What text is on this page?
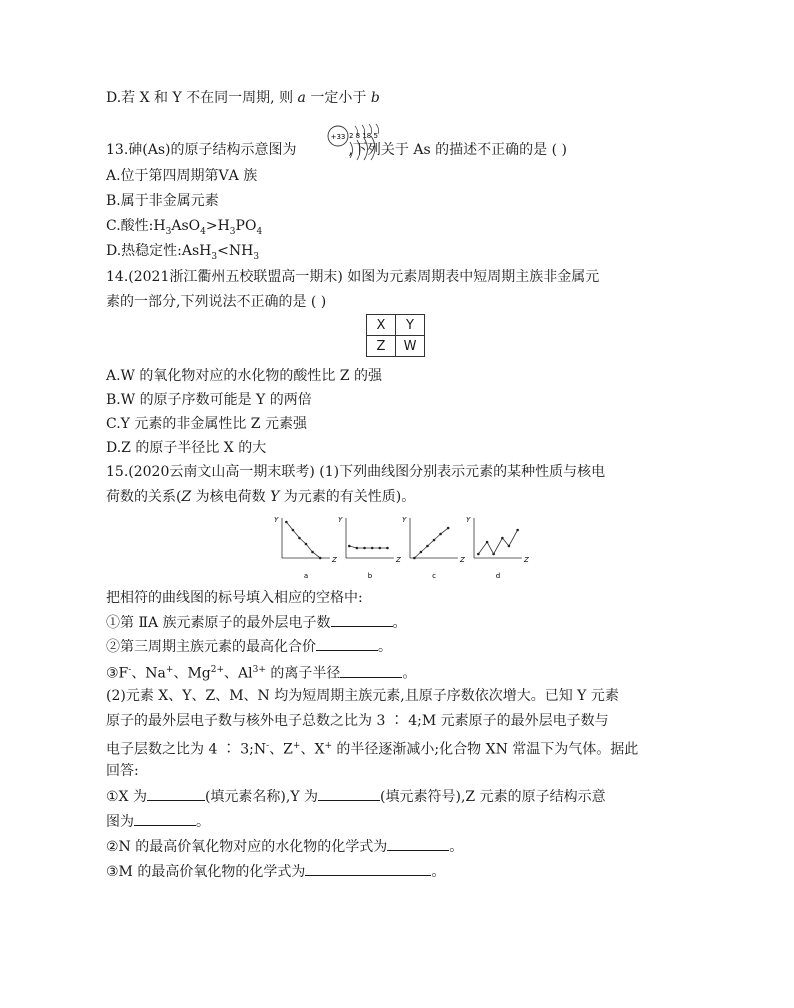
D.若 X 和 Y 不在同一周期, 则 a 一定小于 b
13.砷(As)的原子结构示意图为	,下列关于 As 的描述不正确的是 ( )
+33 2 8 18 5
A.位于第四周期第ⅤA 族
B.属于非金属元素
C.酸性$:H_3AsO_4>H_3PO_4$
D.热稳定性$:AsH_3<NH_3$
14.(2021浙江衢州五校联盟高一期末) 如图为元素周期表中短周期主族非金属元
素的一部分,下列说法不正确的是 ( )
X	Y
Z	W
A.W 的氧化物对应的水化物的酸性比 Z 的强
B.W 的原子序数可能是 Y 的两倍
C.Y 元素的非金属性比 Z 元素强
D.Z 的原子半径比 X 的大
15.(2020云南文山高一期末联考) (1)下列曲线图分别表示元素的某种性质与核电
荷数的关系(Z 为核电荷数 Y 为元素的有关性质)。
Y
Z
a
Y
Z
b
Y
Z
c
Y
Z
d
把相符的曲线图的标号填入相应的空格中:
①第 ⅡA 族元素原子的最外层电子数	。
②第三周期主族元素的最高化合价	。
③F-、Na+、$Mg^{2+}$、$Al^{3+}$ 的离子半径	。
(2)元素 X、Y、Z、M、N 均为短周期主族元素,且原子序数依次增大。已知 Y 元素
原子的最外层电子数与核外电子总数之比为 3 ∶ 4;M 元素原子的最外层电子数与
电子层数之比为 4 ∶ 3;N-、Z+、X+ 的半径逐渐减小;化合物 XN 常温下为气体。据此
回答:
①X 为	(填元素名称),Y 为	(填元素符号),Z 元素的原子结构示意
图为	。
②N 的最高价氧化物对应的水化物的化学式为	。
③M 的最高价氧化物的化学式为	。
